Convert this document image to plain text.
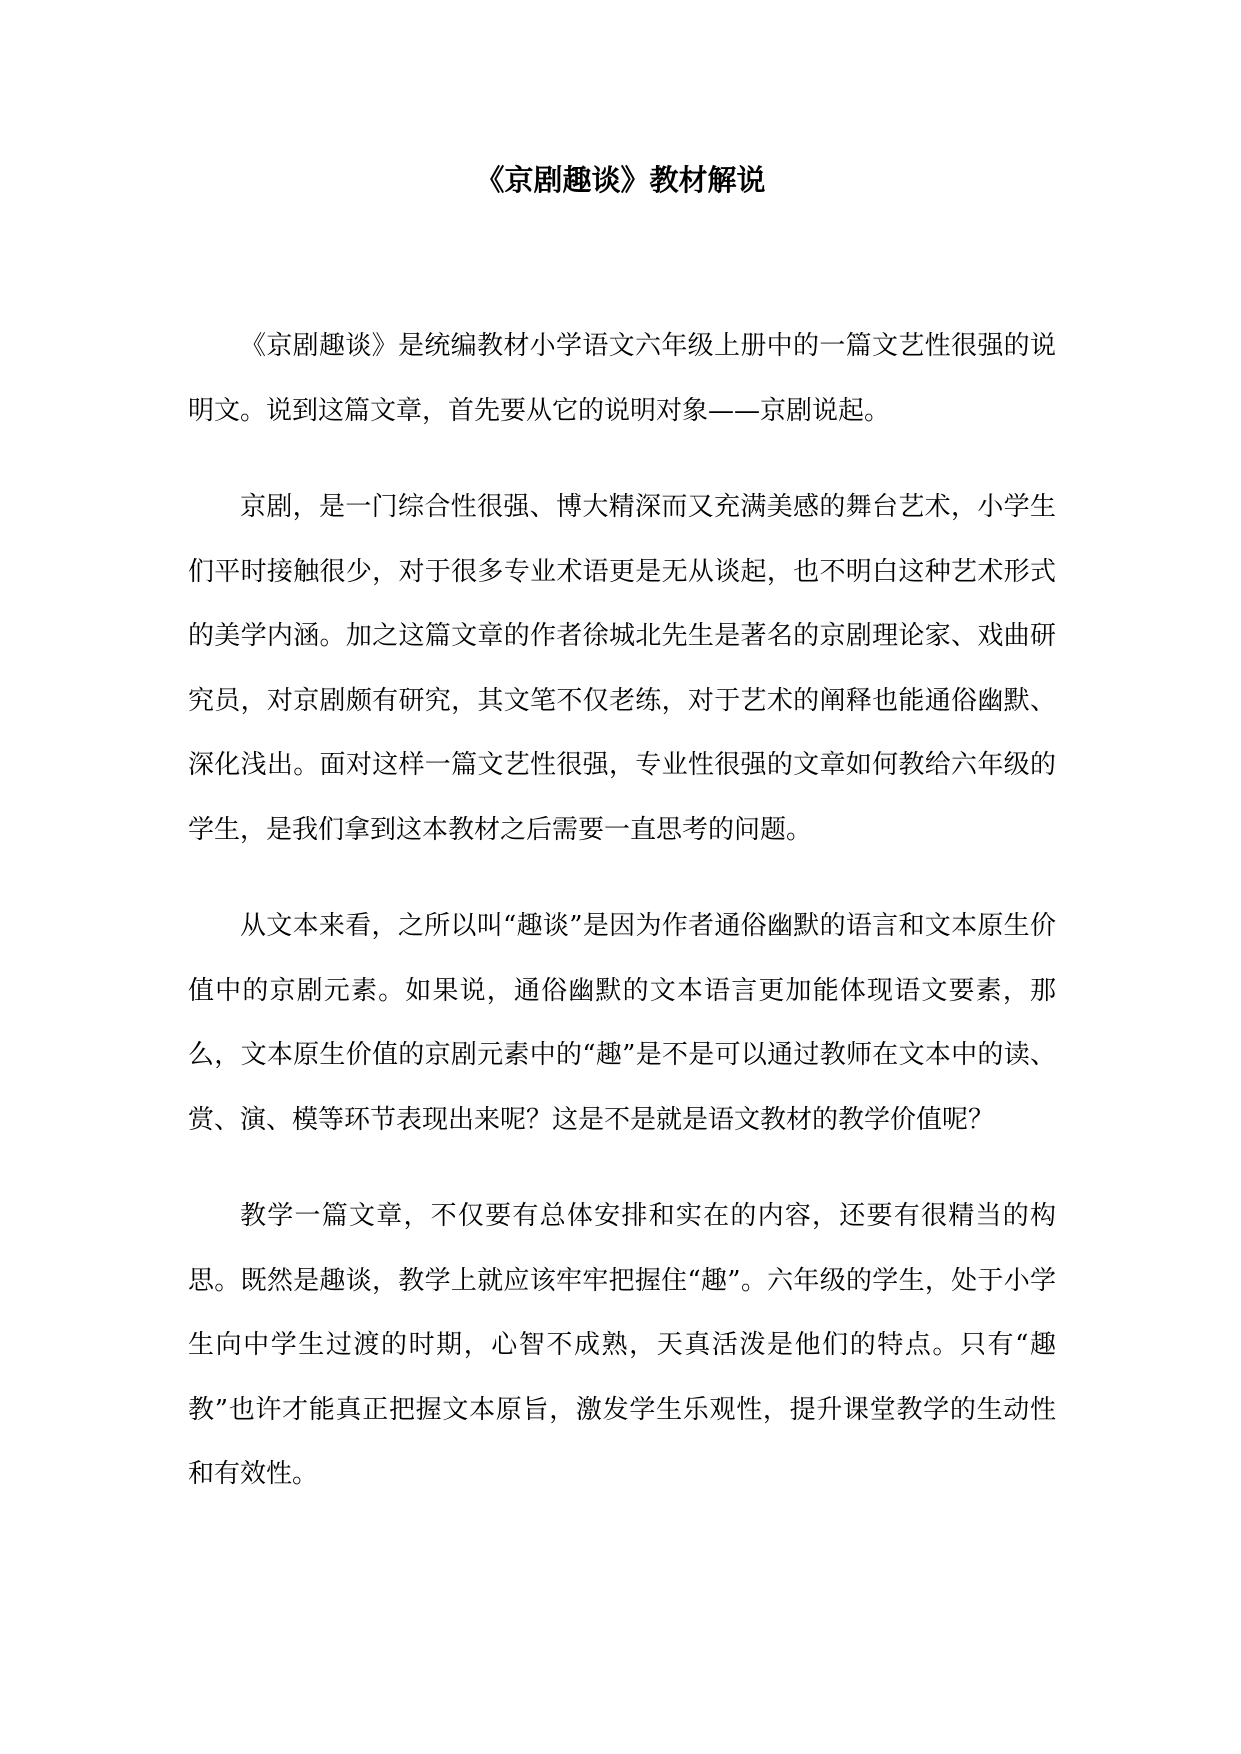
《京剧趣谈》教材解说

《京剧趣谈》是统编教材小学语文六年级上册中的一篇文艺性很强的说明文。说到这篇文章，首先要从它的说明对象——京剧说起。

京剧，是一门综合性很强、博大精深而又充满美感的舞台艺术，小学生们平时接触很少，对于很多专业术语更是无从谈起，也不明白这种艺术形式的美学内涵。加之这篇文章的作者徐城北先生是著名的京剧理论家、戏曲研究员，对京剧颇有研究，其文笔不仅老练，对于艺术的阐释也能通俗幽默、深化浅出。面对这样一篇文艺性很强，专业性很强的文章如何教给六年级的学生，是我们拿到这本教材之后需要一直思考的问题。

从文本来看，之所以叫“趣谈”是因为作者通俗幽默的语言和文本原生价值中的京剧元素。如果说，通俗幽默的文本语言更加能体现语文要素，那么，文本原生价值的京剧元素中的“趣”是不是可以通过教师在文本中的读、赏、演、模等环节表现出来呢？这是不是就是语文教材的教学价值呢？

教学一篇文章，不仅要有总体安排和实在的内容，还要有很精当的构思。既然是趣谈，教学上就应该牢牢把握住“趣”。六年级的学生，处于小学生向中学生过渡的时期，心智不成熟，天真活泼是他们的特点。只有“趣教”也许才能真正把握文本原旨，激发学生乐观性，提升课堂教学的生动性和有效性。
